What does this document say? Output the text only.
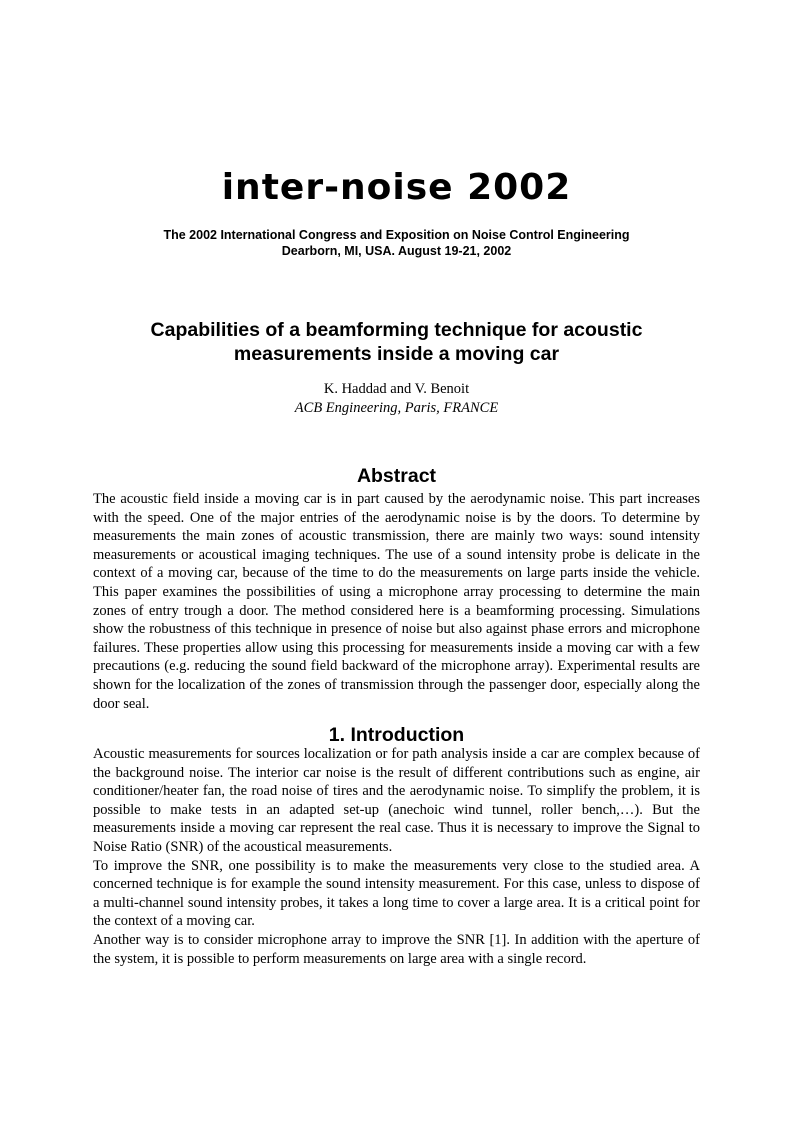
inter-noise 2002
The 2002 International Congress and Exposition on Noise Control Engineering
Dearborn, MI, USA. August 19-21, 2002
Capabilities of a beamforming technique for acoustic
measurements inside a moving car
K. Haddad and V. Benoit
ACB Engineering, Paris, FRANCE
Abstract

The acoustic field inside a moving car is in part caused by the aerodynamic noise. This part increases with the speed. One of the major entries of the aerodynamic noise is by the doors. To determine by measurements the main zones of acoustic transmission, there are mainly two ways: sound intensity measurements or acoustical imaging techniques. The use of a sound intensity probe is delicate in the context of a moving car, because of the time to do the measurements on large parts inside the vehicle. This paper examines the possibilities of using a microphone array processing to determine the main zones of entry trough a door. The method considered here is a beamforming processing. Simulations show the robustness of this technique in presence of noise but also against phase errors and microphone failures. These properties allow using this processing for measurements inside a moving car with a few precautions (e.g. reducing the sound field backward of the microphone array). Experimental results are shown for the localization of the zones of transmission through the passenger door, especially along the door seal.

1. Introduction

Acoustic measurements for sources localization or for path analysis inside a car are complex because of the background noise. The interior car noise is the result of different contributions such as engine, air conditioner/heater fan, the road noise of tires and the aerodynamic noise. To simplify the problem, it is possible to make tests in an adapted set-up (anechoic wind tunnel, roller bench,…). But the measurements inside a moving car represent the real case. Thus it is necessary to improve the Signal to Noise Ratio (SNR) of the acoustical measurements.

To improve the SNR, one possibility is to make the measurements very close to the studied area. A concerned technique is for example the sound intensity measurement. For this case, unless to dispose of a multi-channel sound intensity probes, it takes a long time to cover a large area. It is a critical point for the context of a moving car.

Another way is to consider microphone array to improve the SNR [1]. In addition with the aperture of the system, it is possible to perform measurements on large area with a single record.
